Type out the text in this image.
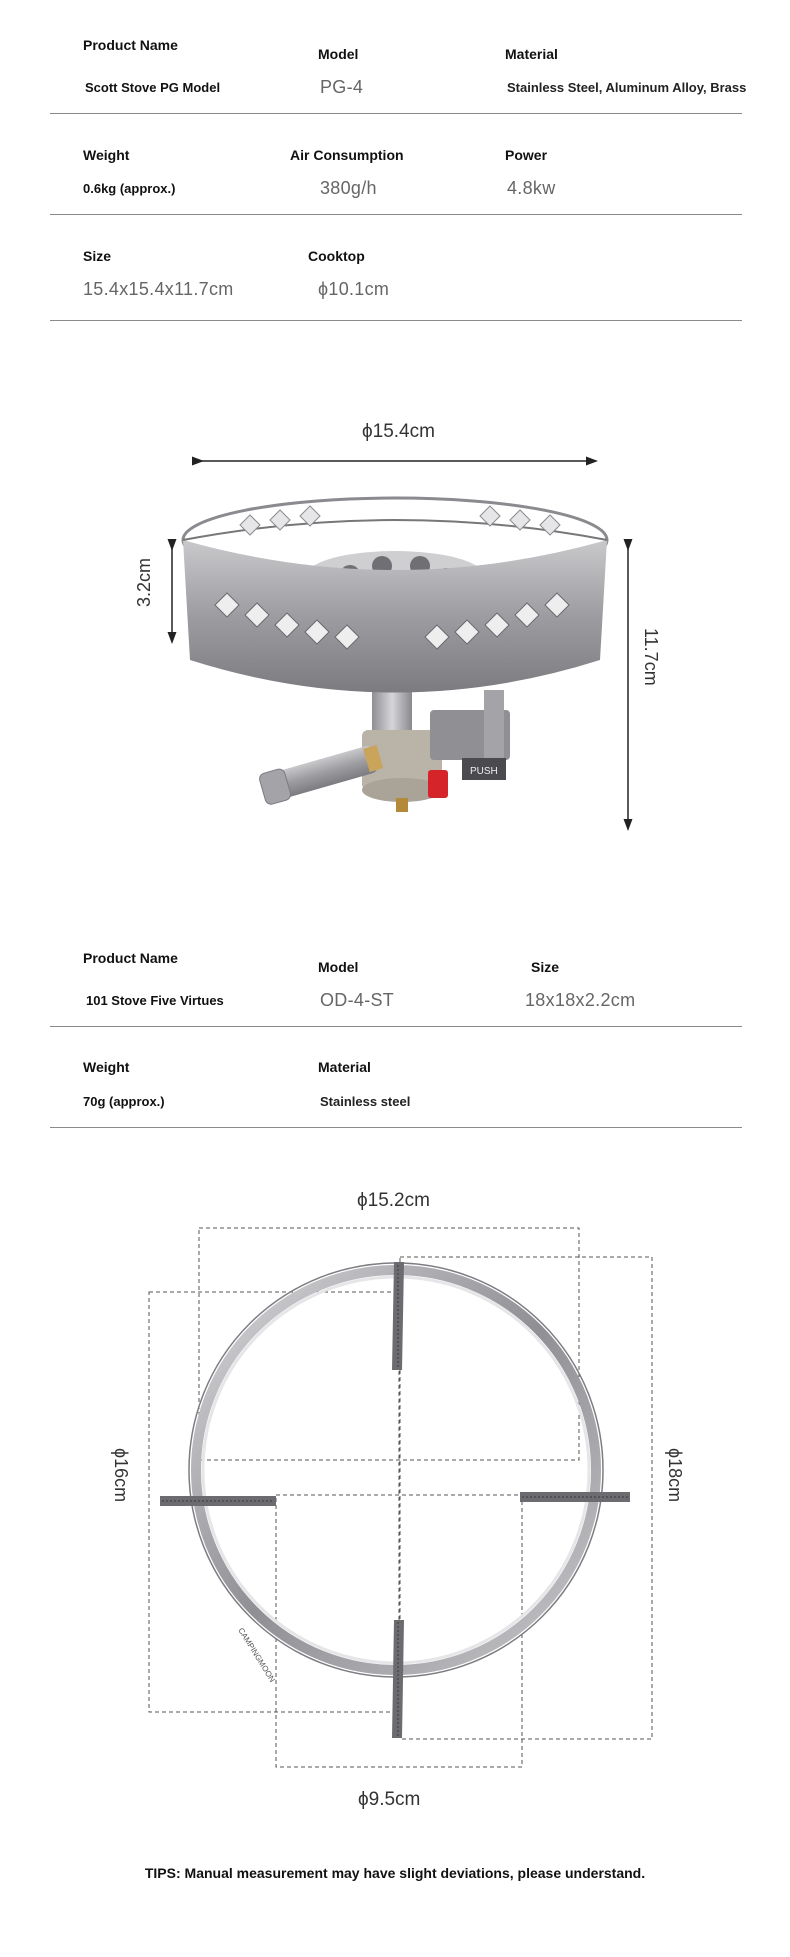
Product Name
Scott Stove PG Model
Model
PG-4
Material
Stainless Steel, Aluminum Alloy, Brass
Weight
0.6kg (approx.)
Air Consumption
380g/h
Power
4.8kw
Size
15.4x15.4x11.7cm
Cooktop
ϕ10.1cm
ϕ15.4cm
PUSH
3.2cm
11.7cm
Product Name
101 Stove Five Virtues
Model
OD-4-ST
Size
18x18x2.2cm
Weight
70g (approx.)
Material
Stainless steel
ϕ15.2cm
ϕ9.5cm
ϕ16cm	ϕ18cm
CAMPINGMOON
TIPS: Manual measurement may have slight deviations, please understand.
